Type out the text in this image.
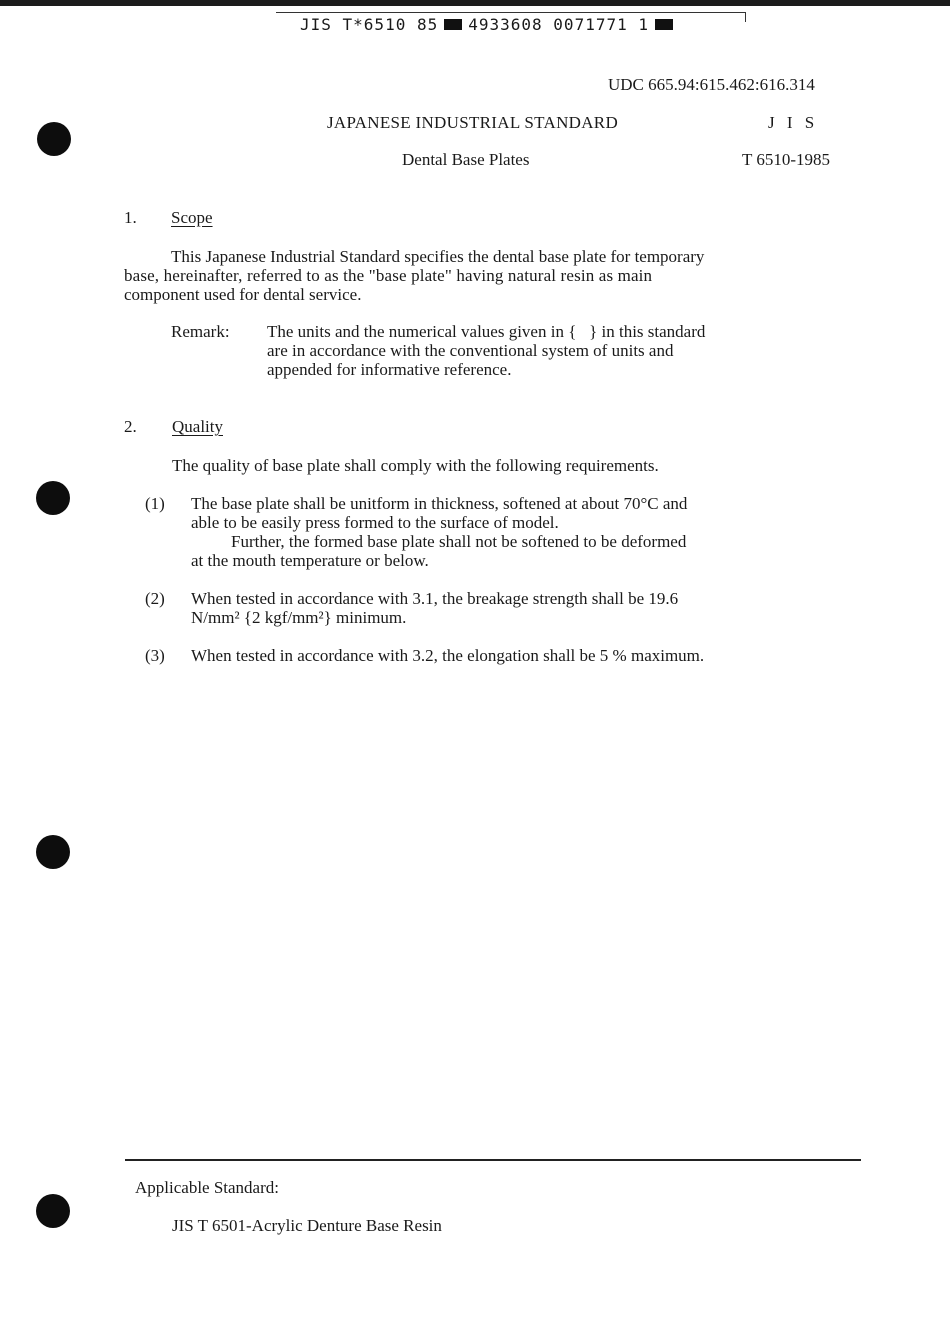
JIS T*6510 85 4933608 0071771 1
UDC 665.94:615.462:616.314
JAPANESE INDUSTRIAL STANDARD	J I S
Dental Base Plates	T 6510-1985
1. Scope
This Japanese Industrial Standard specifies the dental base plate for temporary
base, hereinafter, referred to as the "base plate" having natural resin as main
component used for dental service.
Remark: The units and the numerical values given in {   } in this standard
are in accordance with the conventional system of units and
appended for informative reference.
2. Quality
The quality of base plate shall comply with the following requirements.
(1) The base plate shall be unitform in thickness, softened at about 70°C and
able to be easily press formed to the surface of model.
Further, the formed base plate shall not be softened to be deformed
at the mouth temperature or below.
(2) When tested in accordance with 3.1, the breakage strength shall be 19.6
N/mm² {2 kgf/mm²} minimum.
(3) When tested in accordance with 3.2, the elongation shall be 5 % maximum.
Applicable Standard:
JIS T 6501-Acrylic Denture Base Resin
